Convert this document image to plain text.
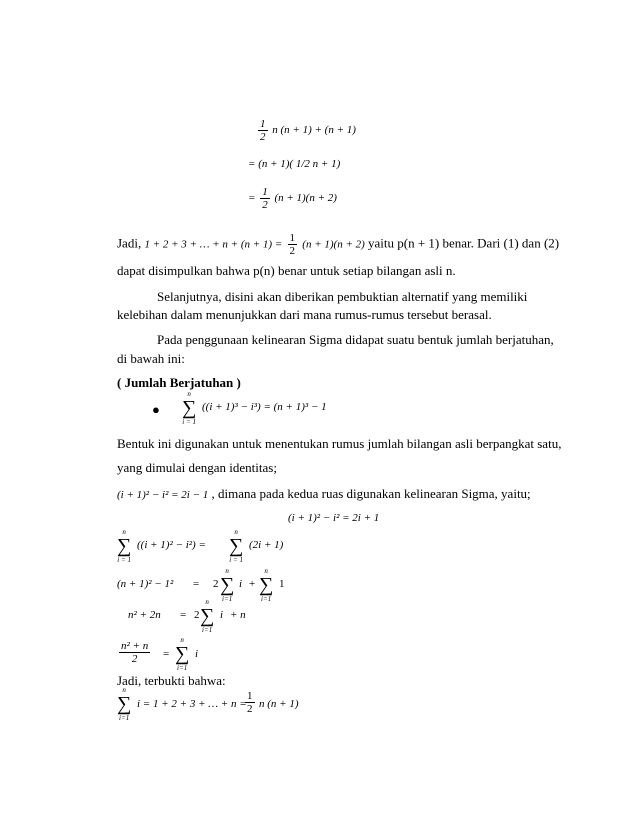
$\frac{1}{2}$ n (n + 1) + (n + 1)
= (n + 1)( 1/2 n + 1)
= $\frac{1}{2} (n + 1)(n + 2)$
Jadi, 1 + 2 + 3 + … + $n + (n + 1) = \frac{1}{2} (n + 1)(n + 2)$ yaitu p(n + 1) benar. Dari (1) dan (2)
dapat disimpulkan bahwa p(n) benar untuk setiap bilangan asli n.
Selanjutnya, disini akan diberikan pembuktian alternatif yang memiliki
kelebihan dalam menunjukkan dari mana rumus-rumus tersebut berasal.
Pada penggunaan kelinearan Sigma didapat suatu bentuk jumlah berjatuhan,
di bawah ini:
( Jumlah Berjatuhan )
●
n
∑
i = 1
((i + 1)³ − i³) = (n + 1)³ − 1
Bentuk ini digunakan untuk menentukan rumus jumlah bilangan asli berpangkat satu,
yang dimulai dengan identitas;
(i + 1)² − i² = 2i − 1 , dimana pada kedua ruas digunakan kelinearan Sigma, yaitu;
(i + 1)² − i² = 2i + 1
n
∑
i = 1
((i + 1)² − i²) =
n
∑
i = 1
(2i + 1)
(n + 1)² − 1² = 2
n
∑
i=1
i +
n
∑
i=1
1
n² + 2n = 2
n
∑
i=1
i + n
$\frac{\text{n² + n}}{2}$ =
n
∑
i=1
i
Jadi, terbukti bahwa:
n
∑
i=1
i = 1 + 2 + 3 + … + n =
$\frac{1}{2}$ n (n + 1)
